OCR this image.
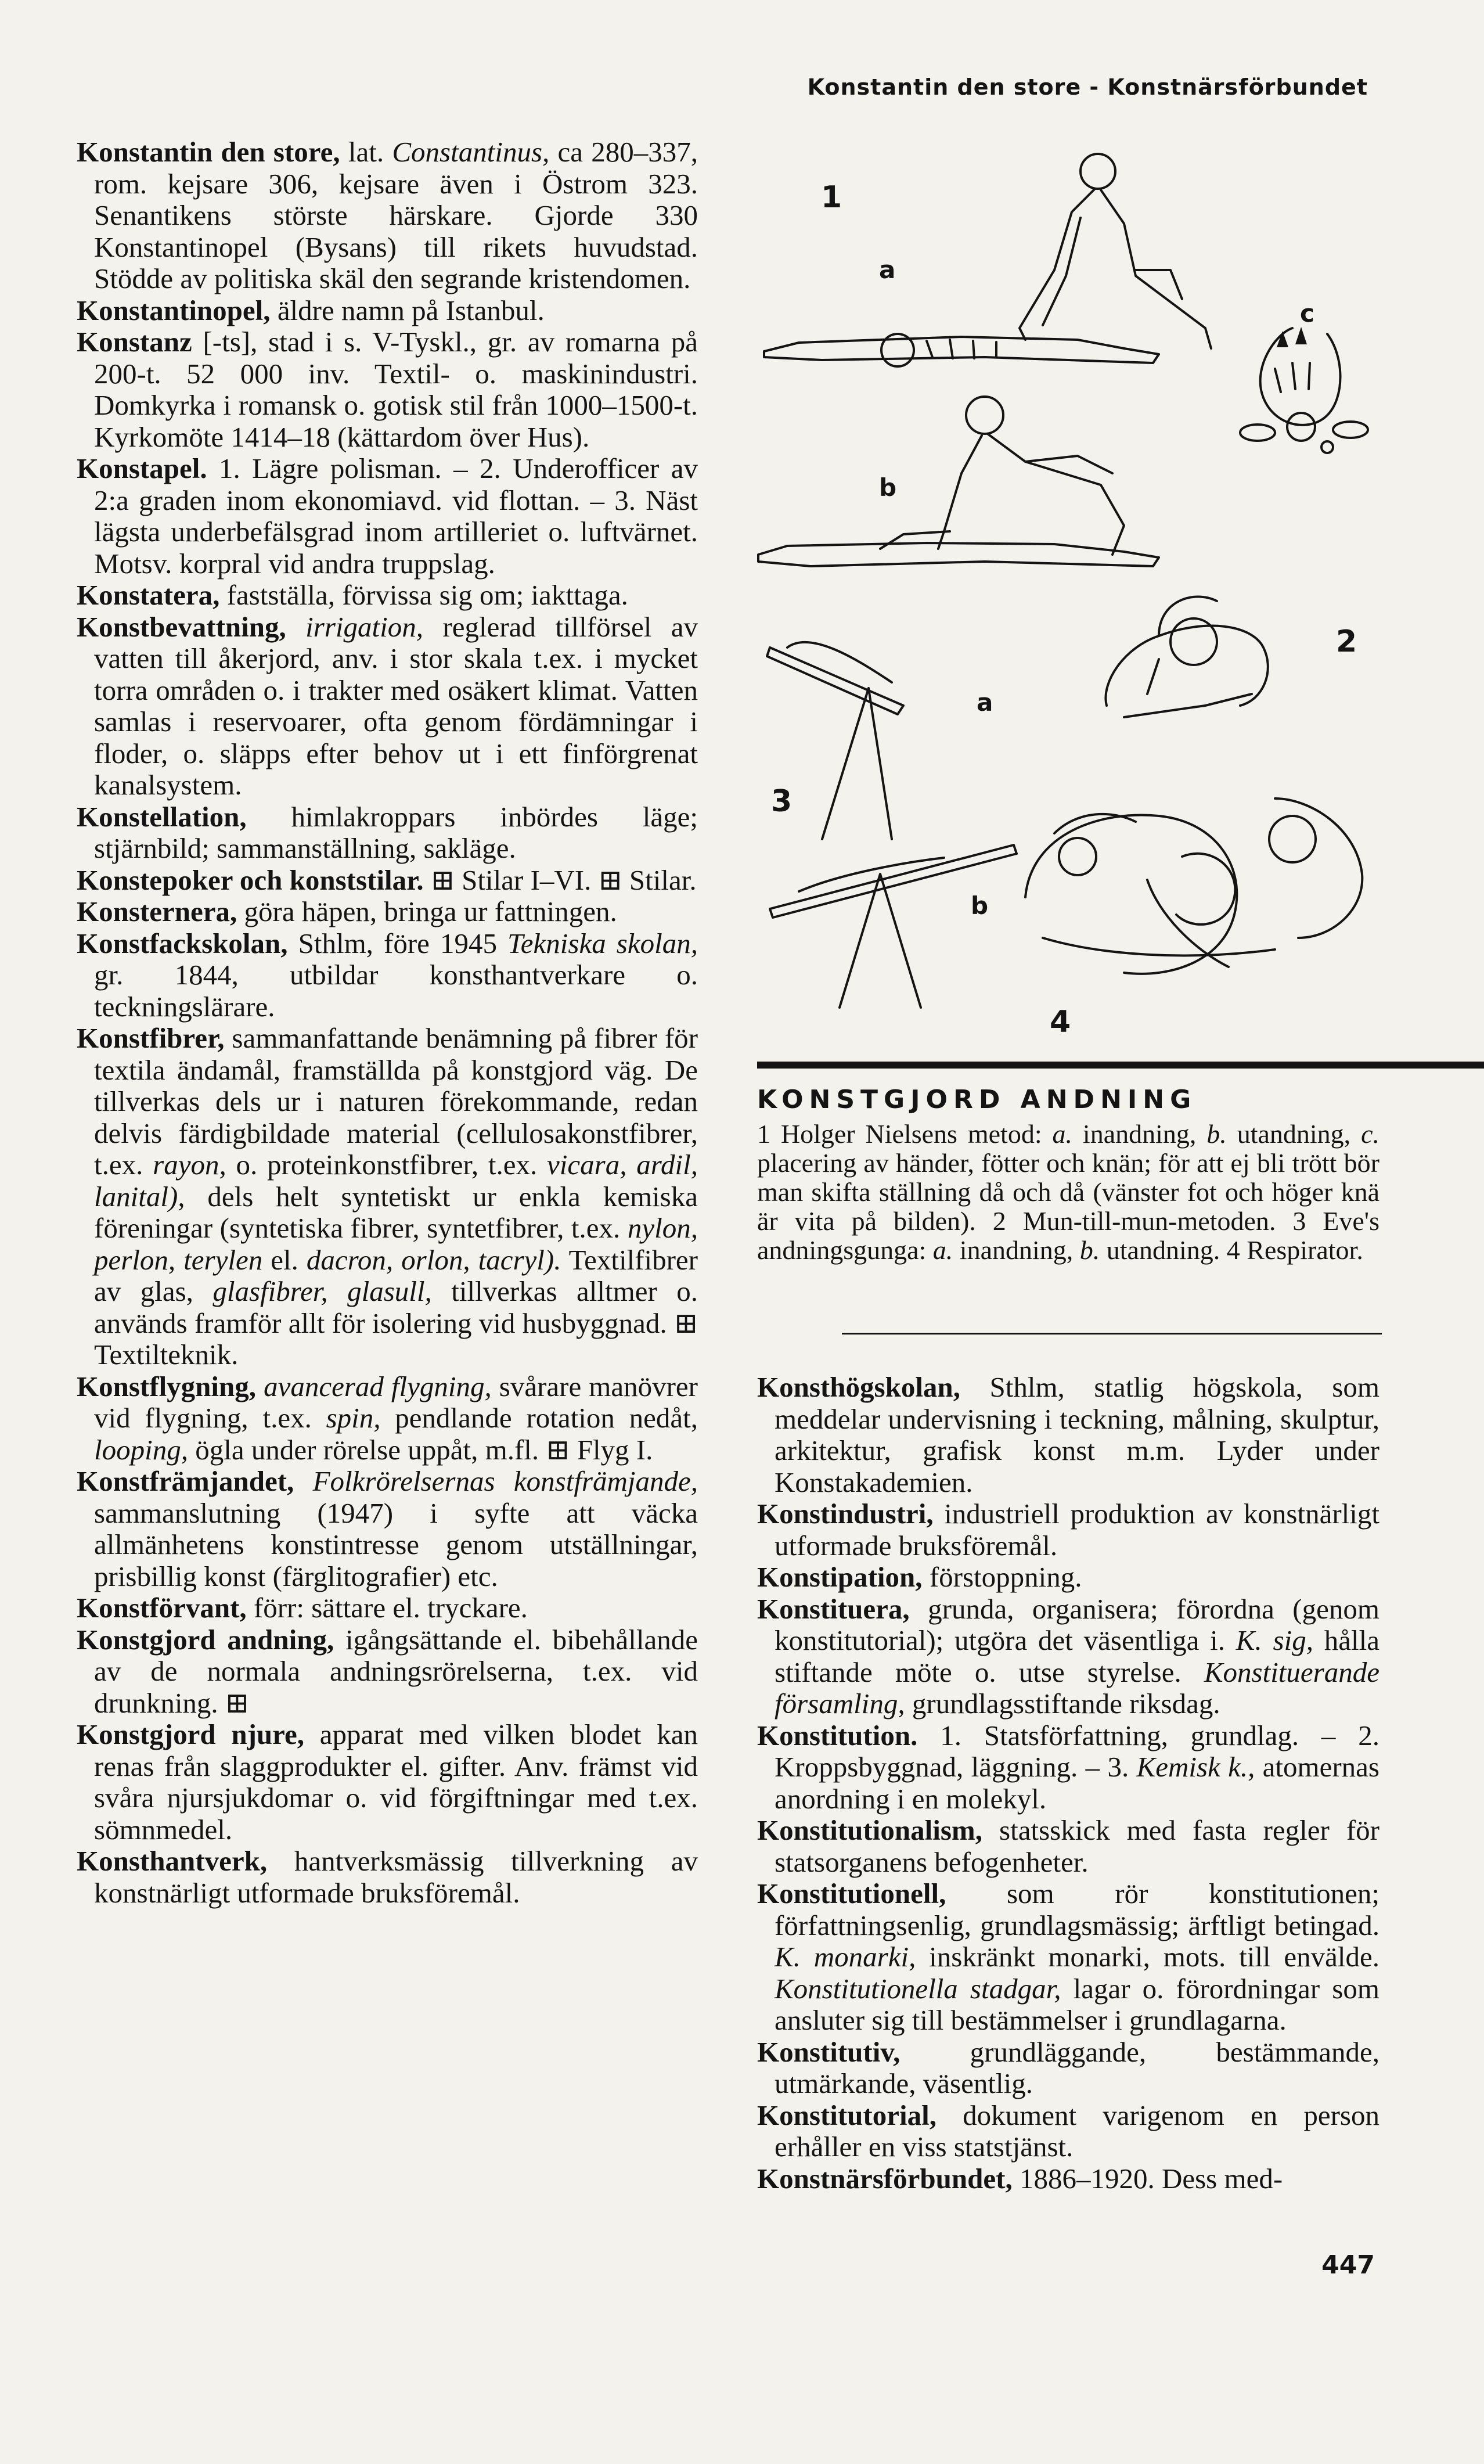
Konstantin den store - Konstnärsförbundet

Konstantin den store, lat. Constantinus, ca 280–337, rom. kejsare 306, kejsare även i Östrom 323. Senantikens störste härskare. Gjorde 330 Konstantinopel (Bysans) till rikets huvudstad. Stödde av politiska skäl den segrande kristendomen.

Konstantinopel, äldre namn på Istanbul.

Konstanz [-ts], stad i s. V-Tyskl., gr. av romarna på 200-t. 52 000 inv. Textil- o. maskinindustri. Domkyrka i romansk o. gotisk stil från 1000–1500-t. Kyrkomöte 1414–18 (kättardom över Hus).

Konstapel. 1. Lägre polisman. – 2. Underofficer av 2:a graden inom ekonomiavd. vid flottan. – 3. Näst lägsta underbefälsgrad inom artilleriet o. luftvärnet. Motsv. korpral vid andra truppslag.

Konstatera, fastställa, förvissa sig om; iakttaga.

Konstbevattning, irrigation, reglerad tillförsel av vatten till åkerjord, anv. i stor skala t.ex. i mycket torra områden o. i trakter med osäkert klimat. Vatten samlas i reservoarer, ofta genom fördämningar i floder, o. släpps efter behov ut i ett finförgrenat kanalsystem.

Konstellation, himlakroppars inbördes läge; stjärnbild; sammanställning, sakläge.

Konstepoker och konststilar. ⊞ Stilar I–VI. ⊞ Stilar.

Konsternera, göra häpen, bringa ur fattningen.

Konstfackskolan, Sthlm, före 1945 Tekniska skolan, gr. 1844, utbildar konsthantverkare o. teckningslärare.

Konstfibrer, sammanfattande benämning på fibrer för textila ändamål, framställda på konstgjord väg. De tillverkas dels ur i naturen förekommande, redan delvis färdigbildade material (cellulosakonstfibrer, t.ex. rayon, o. proteinkonstfibrer, t.ex. vicara, ardil, lanital), dels helt syntetiskt ur enkla kemiska föreningar (syntetiska fibrer, syntetfibrer, t.ex. nylon, perlon, terylen el. dacron, orlon, tacryl). Textilfibrer av glas, glasfibrer, glasull, tillverkas alltmer o. används framför allt för isolering vid husbyggnad. ⊞ Textilteknik.

Konstflygning, avancerad flygning, svårare manövrer vid flygning, t.ex. spin, pendlande rotation nedåt, looping, ögla under rörelse uppåt, m.fl. ⊞ Flyg I.

Konstfrämjandet, Folkrörelsernas konstfrämjande, sammanslutning (1947) i syfte att väcka allmänhetens konstintresse genom utställningar, prisbillig konst (färglitografier) etc.

Konstförvant, förr: sättare el. tryckare.

Konstgjord andning, igångsättande el. bibehållande av de normala andningsrörelserna, t.ex. vid drunkning. ⊞

Konstgjord njure, apparat med vilken blodet kan renas från slaggprodukter el. gifter. Anv. främst vid svåra njursjukdomar o. vid förgiftningar med t.ex. sömnmedel.

Konsthantverk, hantverksmässig tillverkning av konstnärligt utformade bruksföremål.

1
a
c
b
2
a
3
b
4
KONSTGJORD ANDNING

1 Holger Nielsens metod: a. inandning, b. utandning, c. placering av händer, fötter och knän; för att ej bli trött bör man skifta ställning då och då (vänster fot och höger knä är vita på bilden). 2 Mun-till-mun-metoden. 3 Eve's andningsgunga: a. inandning, b. utandning. 4 Respirator.

Konsthögskolan, Sthlm, statlig högskola, som meddelar undervisning i teckning, målning, skulptur, arkitektur, grafisk konst m.m. Lyder under Konstakademien.

Konstindustri, industriell produktion av konstnärligt utformade bruksföremål.

Konstipation, förstoppning.

Konstituera, grunda, organisera; förordna (genom konstitutorial); utgöra det väsentliga i. K. sig, hålla stiftande möte o. utse styrelse. Konstituerande församling, grundlagsstiftande riksdag.

Konstitution. 1. Statsförfattning, grundlag. – 2. Kroppsbyggnad, läggning. – 3. Kemisk k., atomernas anordning i en molekyl.

Konstitutionalism, statsskick med fasta regler för statsorganens befogenheter.

Konstitutionell, som rör konstitutionen; författningsenlig, grundlagsmässig; ärftligt betingad. K. monarki, inskränkt monarki, mots. till envälde. Konstitutionella stadgar, lagar o. förordningar som ansluter sig till bestämmelser i grundlagarna.

Konstitutiv, grundläggande, bestämmande, utmärkande, väsentlig.

Konstitutorial, dokument varigenom en person erhåller en viss statstjänst.

Konstnärsförbundet, 1886–1920. Dess med-

447
